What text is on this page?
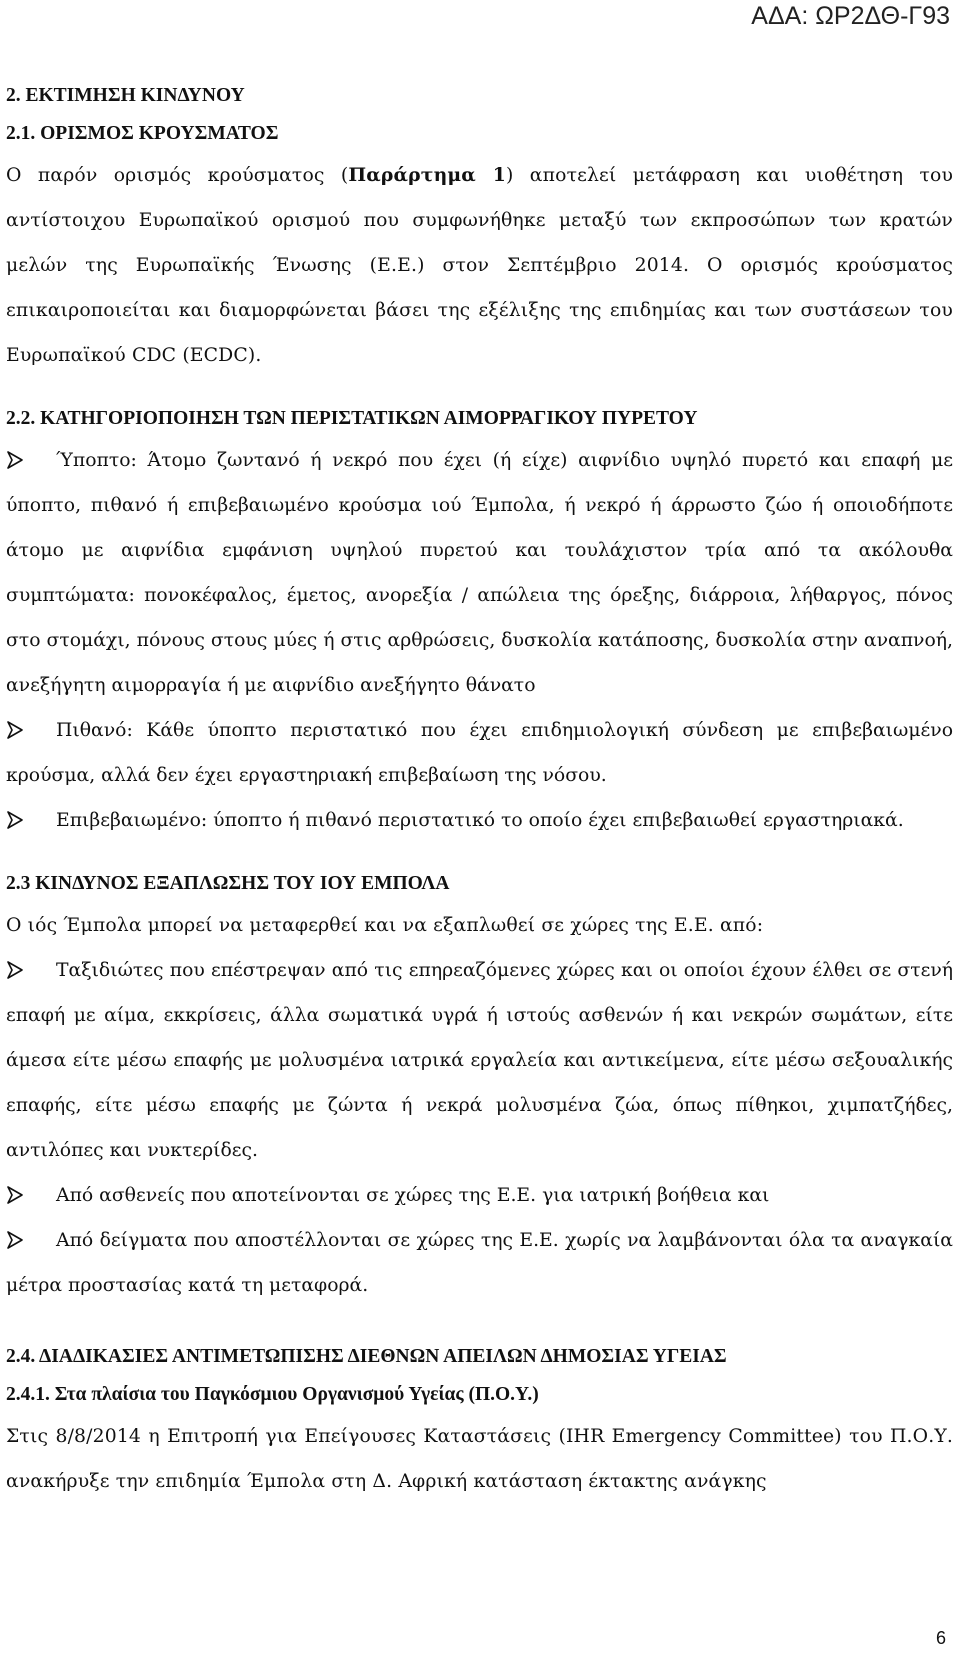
ΑΔΑ: ΩΡ2ΔΘ-Γ93

2. ΕΚΤΙΜΗΣΗ ΚΙΝΔΥΝΟΥ

2.1. ΟΡΙΣΜΟΣ ΚΡΟΥΣΜΑΤΟΣ

Ο παρόν ορισμός κρούσματος (Παράρτημα 1) αποτελεί μετάφραση και υιοθέτηση του αντίστοιχου Ευρωπαϊκού ορισμού που συμφωνήθηκε μεταξύ των εκπροσώπων των κρατών μελών της Ευρωπαϊκής Ένωσης (Ε.Ε.) στον Σεπτέμβριο 2014. Ο ορισμός κρούσματος επικαιροποιείται και διαμορφώνεται βάσει της εξέλιξης της επιδημίας και των συστάσεων του Ευρωπαϊκού CDC (ECDC).

2.2. ΚΑΤΗΓΟΡΙΟΠΟΙΗΣΗ ΤΩΝ ΠΕΡΙΣΤΑΤΙΚΩΝ ΑΙΜΟΡΡΑΓΙΚΟΥ ΠΥΡΕΤΟΥ

Ύποπτο: Άτομο ζωντανό ή νεκρό που έχει (ή είχε) αιφνίδιο υψηλό πυρετό και επαφή με ύποπτο, πιθανό ή επιβεβαιωμένο κρούσμα ιού Έμπολα, ή νεκρό ή άρρωστο ζώο ή οποιοδήποτε άτομο με αιφνίδια εμφάνιση υψηλού πυρετού και τουλάχιστον τρία από τα ακόλουθα συμπτώματα: πονοκέφαλος, έμετος, ανορεξία / απώλεια της όρεξης, διάρροια, λήθαργος, πόνος στο στομάχι, πόνους στους μύες ή στις αρθρώσεις, δυσκολία κατάποσης, δυσκολία στην αναπνοή, ανεξήγητη αιμορραγία ή με αιφνίδιο ανεξήγητο θάνατο

Πιθανό: Κάθε ύποπτο περιστατικό που έχει επιδημιολογική σύνδεση με επιβεβαιωμένο κρούσμα, αλλά δεν έχει εργαστηριακή επιβεβαίωση της νόσου.

Επιβεβαιωμένο: ύποπτο ή πιθανό περιστατικό το οποίο έχει επιβεβαιωθεί εργαστηριακά.

2.3 ΚΙΝΔΥΝΟΣ ΕΞΑΠΛΩΣΗΣ ΤΟΥ ΙΟΥ ΕΜΠΟΛΑ

Ο ιός Έμπολα μπορεί να μεταφερθεί και να εξαπλωθεί σε χώρες της Ε.Ε. από:

Ταξιδιώτες που επέστρεψαν από τις επηρεαζόμενες χώρες και οι οποίοι έχουν έλθει σε στενή επαφή με αίμα, εκκρίσεις, άλλα σωματικά υγρά ή ιστούς ασθενών ή και νεκρών σωμάτων, είτε άμεσα είτε μέσω επαφής με μολυσμένα ιατρικά εργαλεία και αντικείμενα, είτε μέσω σεξουαλικής επαφής, είτε μέσω επαφής με ζώντα ή νεκρά μολυσμένα ζώα, όπως πίθηκοι, χιμπατζήδες, αντιλόπες και νυκτερίδες.

Από ασθενείς που αποτείνονται σε χώρες της Ε.Ε. για ιατρική βοήθεια και

Από δείγματα που αποστέλλονται σε χώρες της Ε.Ε. χωρίς να λαμβάνονται όλα τα αναγκαία μέτρα προστασίας κατά τη μεταφορά.

2.4. ΔΙΑΔΙΚΑΣΙΕΣ ΑΝΤΙΜΕΤΩΠΙΣΗΣ ΔΙΕΘΝΩΝ ΑΠΕΙΛΩΝ ΔΗΜΟΣΙΑΣ ΥΓΕΙΑΣ

2.4.1. Στα πλαίσια του Παγκόσμιου Οργανισμού Υγείας (Π.Ο.Υ.)

Στις 8/8/2014 η Επιτροπή για Επείγουσες Καταστάσεις (IHR Emergency Committee) του Π.Ο.Υ. ανακήρυξε την επιδημία Έμπολα στη Δ. Αφρική κατάσταση έκτακτης ανάγκης

6
